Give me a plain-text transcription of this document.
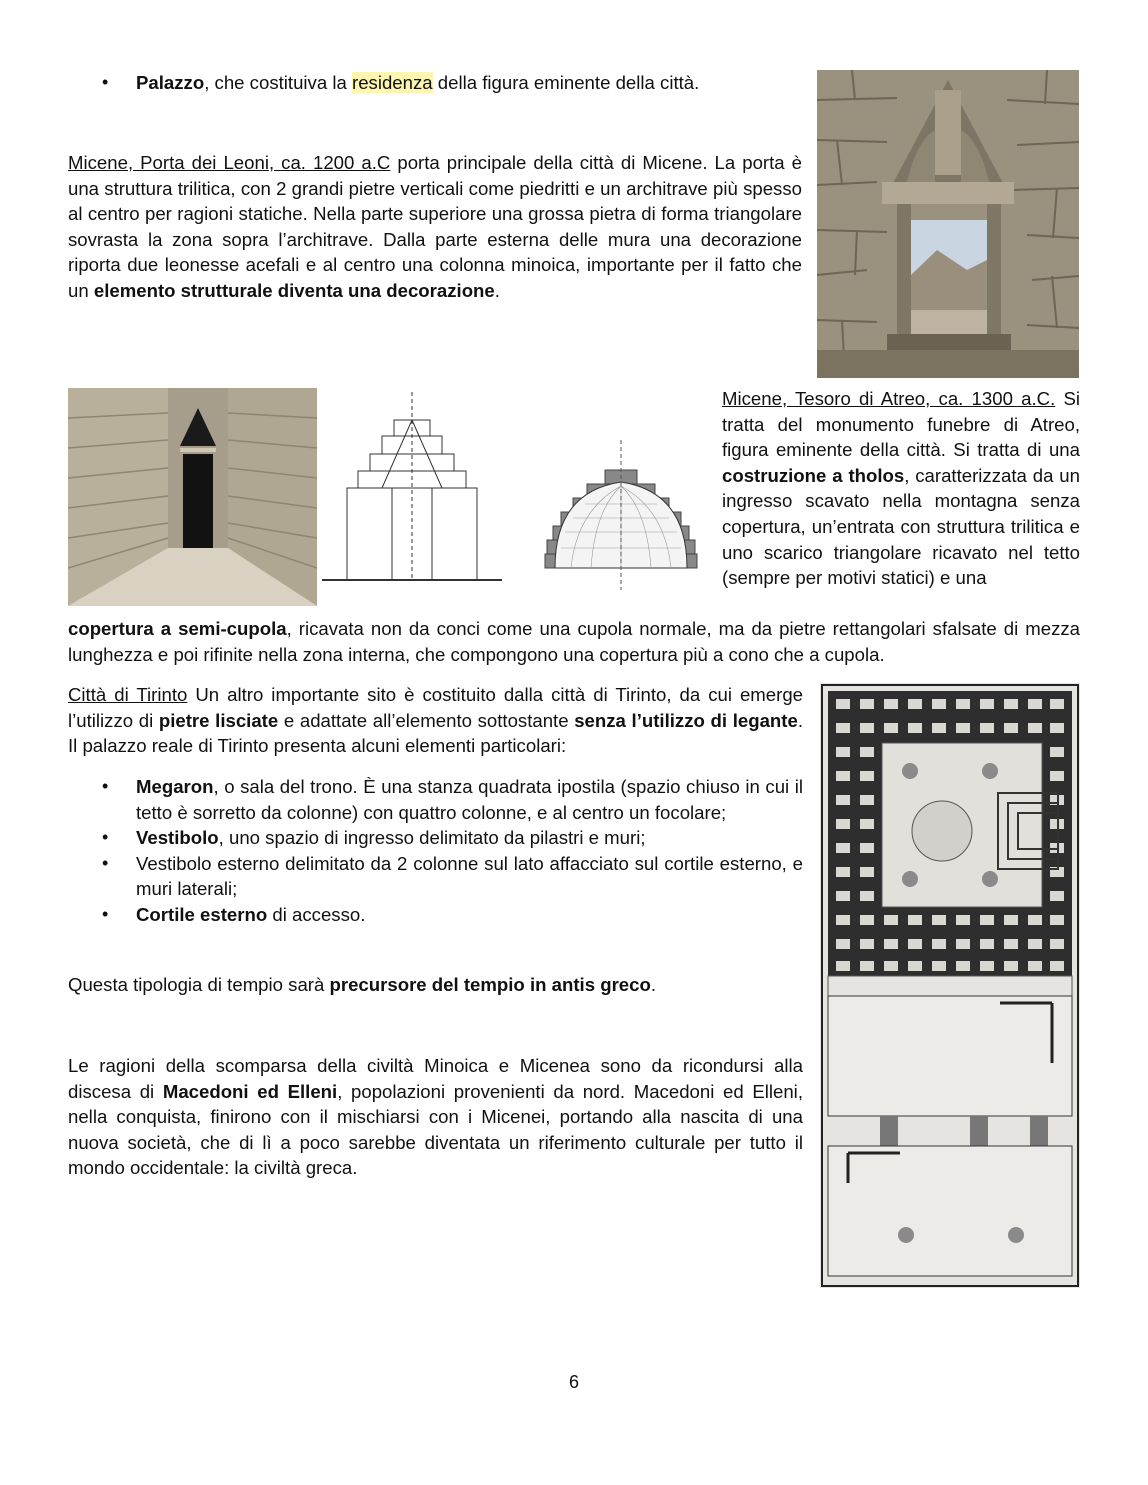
• Palazzo, che costituiva la residenza della figura eminente della città.

Micene, Porta dei Leoni, ca. 1200 a.C porta principale della città di Micene. La porta è una struttura trilitica, con 2 grandi pietre verticali come piedritti e un architrave più spesso al centro per ragioni statiche. Nella parte superiore una grossa pietra di forma triangolare sovrasta la zona sopra l’architrave. Dalla parte esterna delle mura una decorazione riporta due leonesse acefali e al centro una colonna minoica, importante per il fatto che un elemento strutturale diventa una decorazione.

Micene, Tesoro di Atreo, ca. 1300 a.C. Si tratta del monumento funebre di Atreo, figura eminente della città. Si tratta di una costruzione a tholos, caratterizzata da un ingresso scavato nella montagna senza copertura, un’entrata con struttura trilitica e uno scarico triangolare ricavato nel tetto (sempre per motivi statici) e una

copertura a semi-cupola, ricavata non da conci come una cupola normale, ma da pietre rettangolari sfalsate di mezza lunghezza e poi rifinite nella zona interna, che compongono una copertura più a cono che a cupola.

Città di Tirinto Un altro importante sito è costituito dalla città di Tirinto, da cui emerge l’utilizzo di pietre lisciate e adattate all’elemento sottostante senza l’utilizzo di legante. Il palazzo reale di Tirinto presenta alcuni elementi particolari:

• Megaron, o sala del trono. È una stanza quadrata ipostila (spazio chiuso in cui il tetto è sorretto da colonne) con quattro colonne, e al centro un focolare;
• Vestibolo, uno spazio di ingresso delimitato da pilastri e muri;
• Vestibolo esterno delimitato da 2 colonne sul lato affacciato sul cortile esterno, e muri laterali;
• Cortile esterno di accesso.

Questa tipologia di tempio sarà precursore del tempio in antis greco.

Le ragioni della scomparsa della civiltà Minoica e Micenea sono da ricondursi alla discesa di Macedoni ed Elleni, popolazioni provenienti da nord. Macedoni ed Elleni, nella conquista, finirono con il mischiarsi con i Micenei, portando alla nascita di una nuova società, che di lì a poco sarebbe diventata un riferimento culturale per tutto il mondo occidentale: la civiltà greca.

6
